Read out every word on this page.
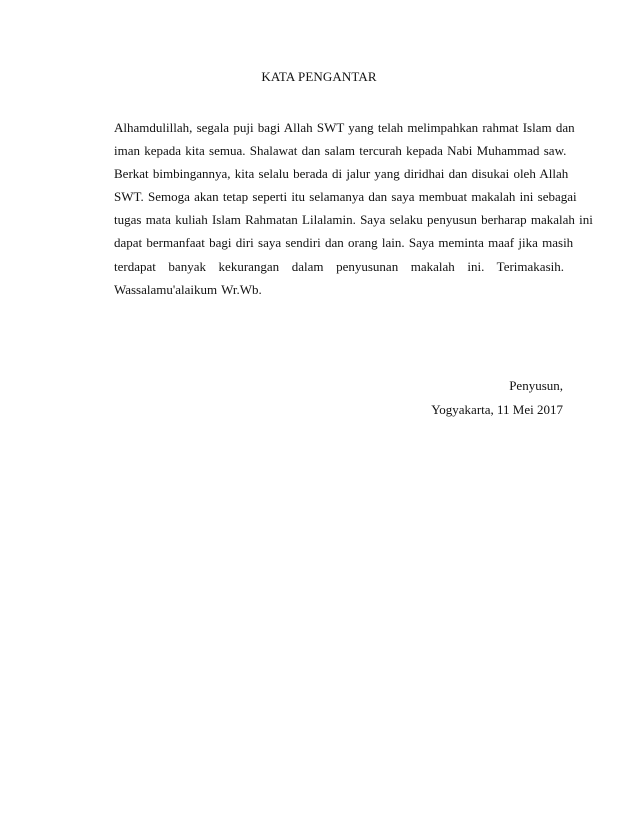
KATA PENGANTAR
Alhamdulillah, segala puji bagi Allah SWT yang telah melimpahkan rahmat Islam dan
iman kepada kita semua. Shalawat dan salam tercurah kepada Nabi Muhammad saw.
Berkat bimbingannya, kita selalu berada di jalur yang diridhai dan disukai oleh Allah
SWT. Semoga akan tetap seperti itu selamanya dan saya membuat makalah ini sebagai
tugas mata kuliah Islam Rahmatan Lilalamin. Saya selaku penyusun berharap makalah ini
dapat bermanfaat bagi diri saya sendiri dan orang lain. Saya meminta maaf jika masih
terdapat banyak kekurangan dalam penyusunan makalah ini. Terimakasih.
Wassalamu'alaikum Wr.Wb.
Penyusun,
Yogyakarta, 11 Mei 2017
